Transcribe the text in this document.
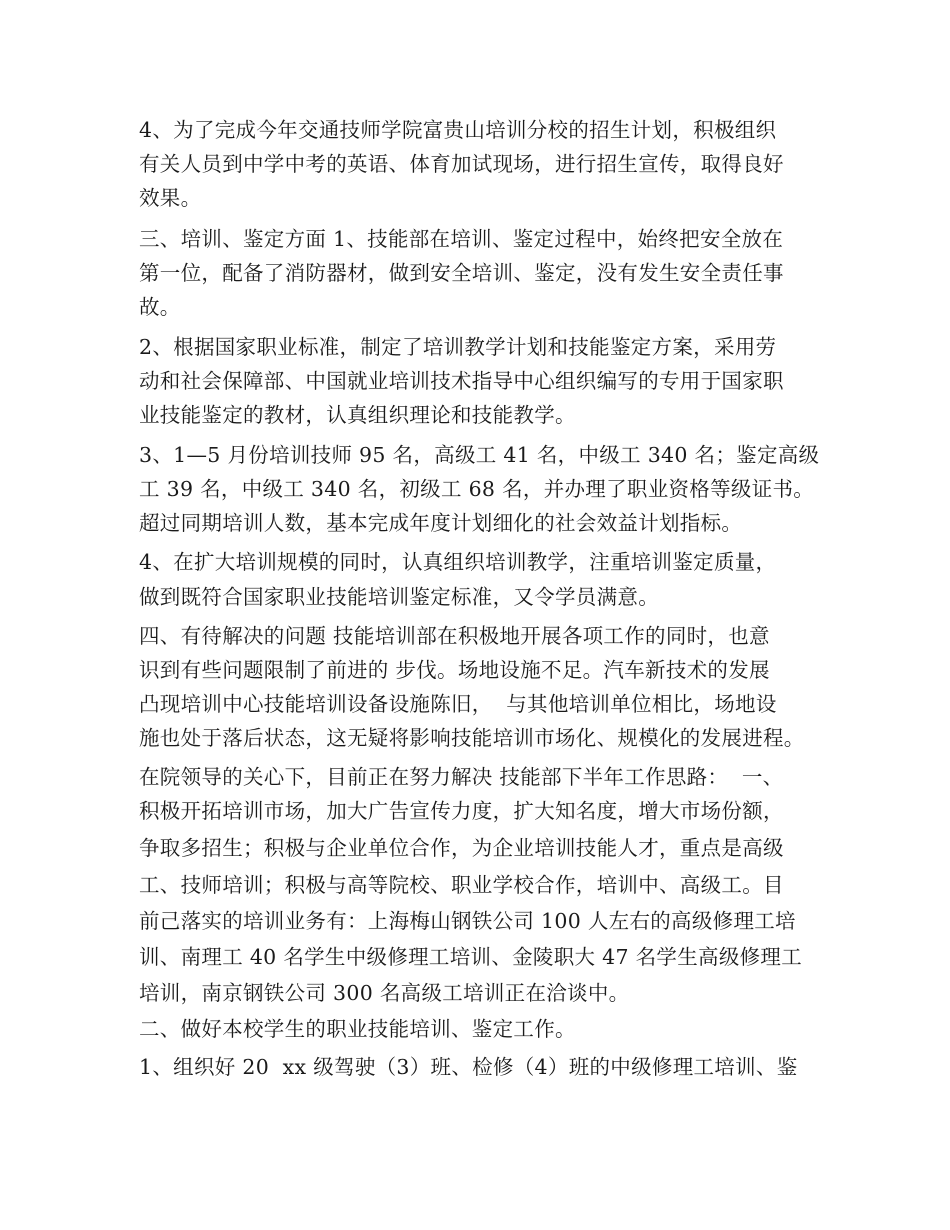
4、为了完成今年交通技师学院富贵山培训分校的招生计划，积极组织
有关人员到中学中考的英语、体育加试现场，进行招生宣传，取得良好
效果。
三、培训、鉴定方面 1、技能部在培训、鉴定过程中，始终把安全放在
第一位，配备了消防器材，做到安全培训、鉴定，没有发生安全责任事
故。
2、根据国家职业标准，制定了培训教学计划和技能鉴定方案，采用劳
动和社会保障部、中国就业培训技术指导中心组织编写的专用于国家职
业技能鉴定的教材，认真组织理论和技能教学。
3、1—5 月份培训技师 95 名，高级工 41 名，中级工 340 名；鉴定高级
工 39 名，中级工 340 名，初级工 68 名，并办理了职业资格等级证书。
超过同期培训人数，基本完成年度计划细化的社会效益计划指标。
4、在扩大培训规模的同时，认真组织培训教学，注重培训鉴定质量，
做到既符合国家职业技能培训鉴定标准，又令学员满意。
四、有待解决的问题 技能培训部在积极地开展各项工作的同时，也意
识到有些问题限制了前进的 步伐。场地设施不足。汽车新技术的发展
凸现培训中心技能培训设备设施陈旧，  与其他培训单位相比，场地设
施也处于落后状态，这无疑将影响技能培训市场化、规模化的发展进程。
在院领导的关心下，目前正在努力解决 技能部下半年工作思路：  一、
积极开拓培训市场，加大广告宣传力度，扩大知名度，增大市场份额，
争取多招生；积极与企业单位合作，为企业培训技能人才，重点是高级
工、技师培训；积极与高等院校、职业学校合作，培训中、高级工。目
前己落实的培训业务有：上海梅山钢铁公司 100 人左右的高级修理工培
训、南理工 40 名学生中级修理工培训、金陵职大 47 名学生高级修理工
培训，南京钢铁公司 300 名高级工培训正在洽谈中。
二、做好本校学生的职业技能培训、鉴定工作。
1、组织好 20  xx 级驾驶（3）班、检修（4）班的中级修理工培训、鉴
